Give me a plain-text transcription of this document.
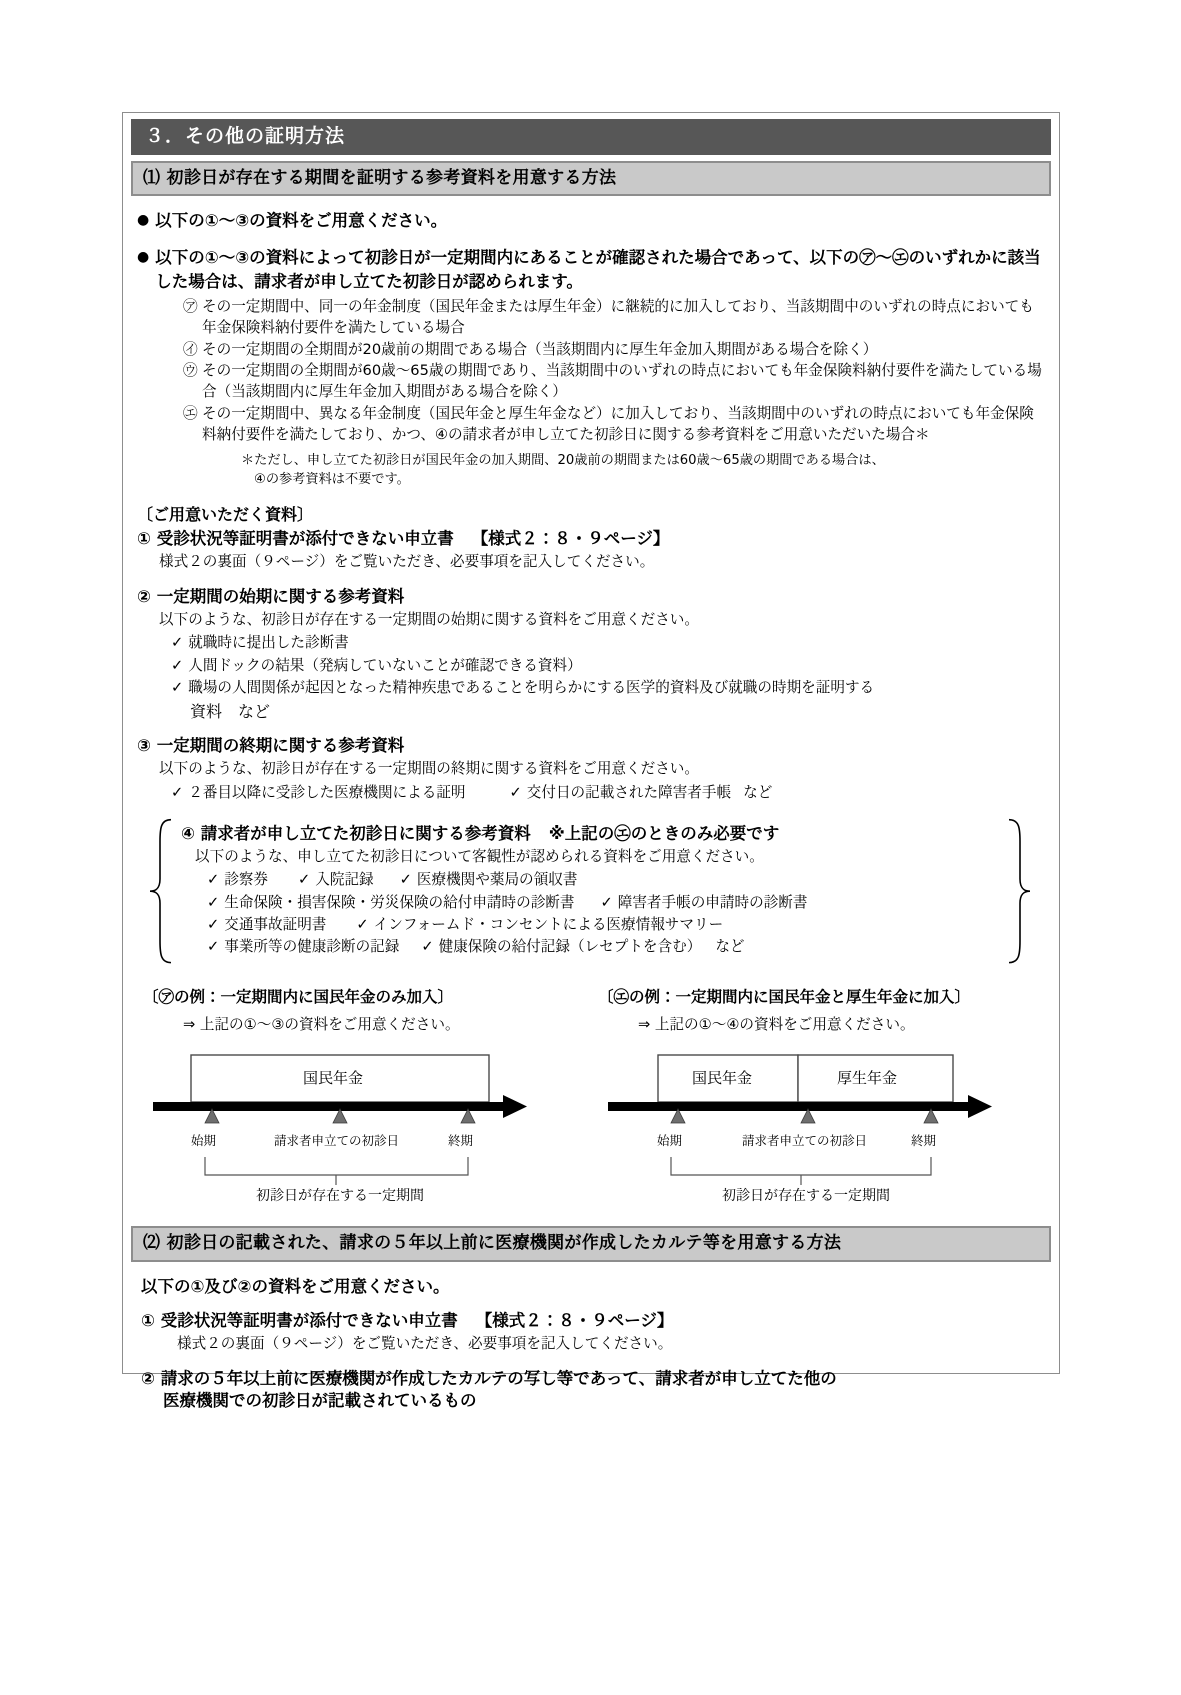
３．その他の証明方法
⑴ 初診日が存在する期間を証明する参考資料を用意する方法
● 以下の①～③の資料をご用意ください。
● 以下の①～③の資料によって初診日が一定期間内にあることが確認された場合であって、以下の㋐～㋓のいずれかに該当した場合は、請求者が申し立てた初診日が認められます。
㋐ その一定期間中、同一の年金制度（国民年金または厚生年金）に継続的に加入しており、当該期間中のいずれの時点においても年金保険料納付要件を満たしている場合
㋑ その一定期間の全期間が20歳前の期間である場合（当該期間内に厚生年金加入期間がある場合を除く）
㋒ その一定期間の全期間が60歳～65歳の期間であり、当該期間中のいずれの時点においても年金保険料納付要件を満たしている場合（当該期間内に厚生年金加入期間がある場合を除く）
㋓ その一定期間中、異なる年金制度（国民年金と厚生年金など）に加入しており、当該期間中のいずれの時点においても年金保険料納付要件を満たしており、かつ、④の請求者が申し立てた初診日に関する参考資料をご用意いただいた場合＊
＊ただし、申し立てた初診日が国民年金の加入期間、20歳前の期間または60歳～65歳の期間である場合は、
④の参考資料は不要です。
〔ご用意いただく資料〕
① 受診状況等証明書が添付できない申立書 【様式２：８・９ページ】
様式２の裏面（９ページ）をご覧いただき、必要事項を記入してください。
② 一定期間の始期に関する参考資料
以下のような、初診日が存在する一定期間の始期に関する資料をご用意ください。
✓ 就職時に提出した診断書
✓ 人間ドックの結果（発病していないことが確認できる資料）
✓ 職場の人間関係が起因となった精神疾患であることを明らかにする医学的資料及び就職の時期を証明する
資料　など
③ 一定期間の終期に関する参考資料
以下のような、初診日が存在する一定期間の終期に関する資料をご用意ください。
✓ ２番目以降に受診した医療機関による証明	✓ 交付日の記載された障害者手帳 など
④ 請求者が申し立てた初診日に関する参考資料 ※上記の㋓のときのみ必要です
以下のような、申し立てた初診日について客観性が認められる資料をご用意ください。
✓ 診察券 ✓ 入院記録 ✓ 医療機関や薬局の領収書
✓ 生命保険・損害保険・労災保険の給付申請時の診断書 ✓ 障害者手帳の申請時の診断書
✓ 交通事故証明書 ✓ インフォームド・コンセントによる医療情報サマリー
✓ 事業所等の健康診断の記録 ✓ 健康保険の給付記録（レセプトを含む） など
〔㋐の例：一定期間内に国民年金のみ加入〕
⇒ 上記の①～③の資料をご用意ください。
国民年金
始期	請求者申立ての初診日	終期
初診日が存在する一定期間
〔㋓の例：一定期間内に国民年金と厚生年金に加入〕
⇒ 上記の①～④の資料をご用意ください。
国民年金	厚生年金
始期	請求者申立ての初診日	終期
初診日が存在する一定期間
⑵ 初診日の記載された、請求の５年以上前に医療機関が作成したカルテ等を用意する方法
以下の①及び②の資料をご用意ください。
① 受診状況等証明書が添付できない申立書 【様式２：８・９ページ】
様式２の裏面（９ページ）をご覧いただき、必要事項を記入してください。
② 請求の５年以上前に医療機関が作成したカルテの写し等であって、請求者が申し立てた他の
医療機関での初診日が記載されているもの
